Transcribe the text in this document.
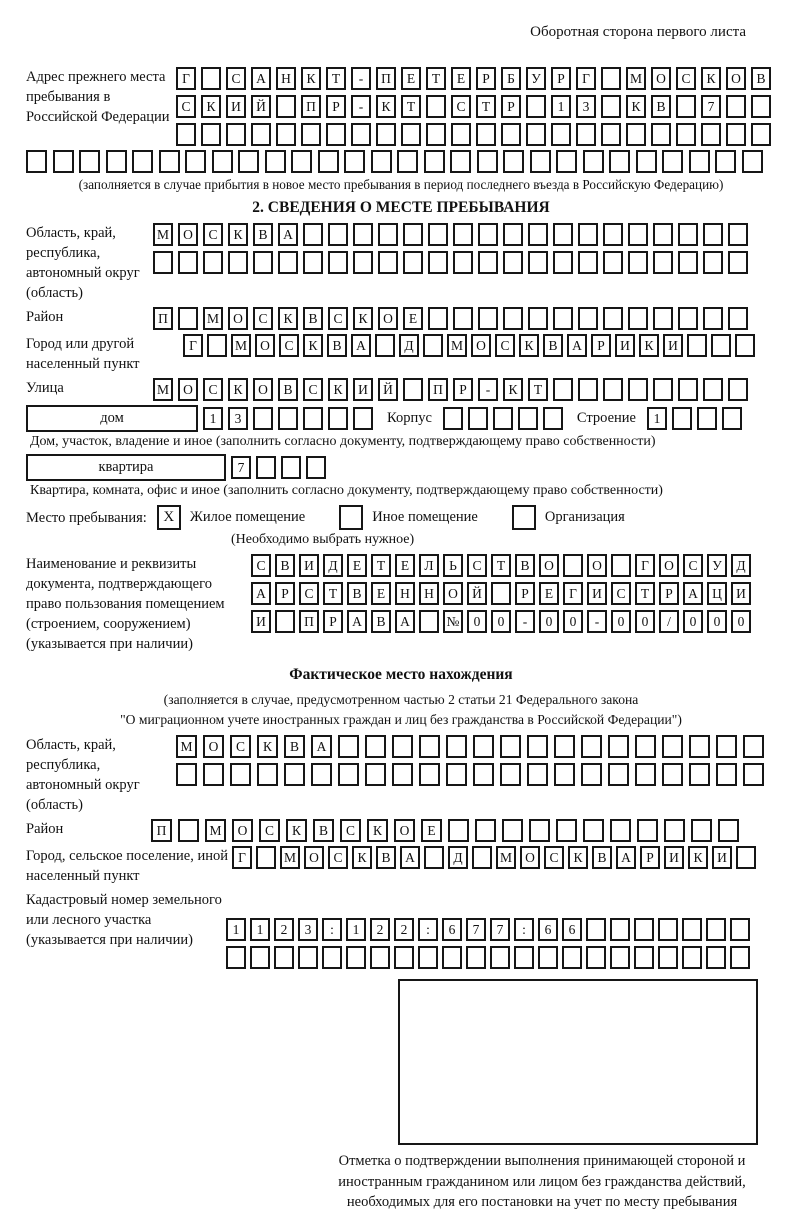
Оборотная сторона первого листа
Адрес прежнего места пребывания в Российской Федерации
Г	С	А	Н	К	Т	-	П	Е	Т	Е	Р	Б	У	Р	Г	М	О	С	К	О	В
С	К	И	Й	П	Р	-	К	Т	С	Т	Р	1	3	К	В	7
(заполняется в случае прибытия в новое место пребывания в период последнего въезда в Российскую Федерацию)
2. СВЕДЕНИЯ О МЕСТЕ ПРЕБЫВАНИЯ
Область, край, республика, автономный округ (область)
М	О	С	К	В	А
Район	П	М	О	С	К	В	С	К	О	Е
Город или другой населенный пункт
Г	М О	С	К	В	А	Д	М О	С	К	В	А	Р	И	К	И
Улица	М	О	С	К	О	В	С	К	И	Й	П	Р	-	К	Т
дом	1	3	Корпус	Строение	1
Дом, участок, владение и иное (заполнить согласно документу, подтверждающему право собственности)
квартира	7
Квартира, комната, офис и иное (заполнить согласно документу, подтверждающему право собственности)
Место пребывания:	X	Жилое помещение	Иное помещение	Организация
(Необходимо выбрать нужное)
Наименование и реквизиты документа, подтверждающего право пользования помещением (строением, сооружением) (указывается при наличии)
С	В	И	Д	Е	Т	Е	Л	Ь	С	Т	В	О	О	Г	О	С	У	Д
А	Р	С	Т	В	Е	Н	Н	О	Й	Р	Е	Г	И	С	Т	Р	А	Ц	И
И	П	Р	А	В	А	№	0	0	-	0	0	-	0	0	/	0	0	0
Фактическое место нахождения
(заполняется в случае, предусмотренном частью 2 статьи 21 Федерального закона
"О миграционном учете иностранных граждан и лиц без гражданства в Российской Федерации")
Область, край, республика, автономный округ (область)
М	О	С	К	В	А
Район	П	М	О	С	К	В	С	К	О	Е
Город, сельское поселение, иной населенный пункт
Г	М О	С	К	В	А	Д	М О	С	К	В	А	Р	И	К	И
Кадастровый номер земельного или лесного участка (указывается при наличии)
1	1	2	3	:	1	2	2	:	6	7	7	:	6	6
Отметка о подтверждении выполнения принимающей стороной и иностранным гражданином или лицом без гражданства действий, необходимых для его постановки на учет по месту пребывания
